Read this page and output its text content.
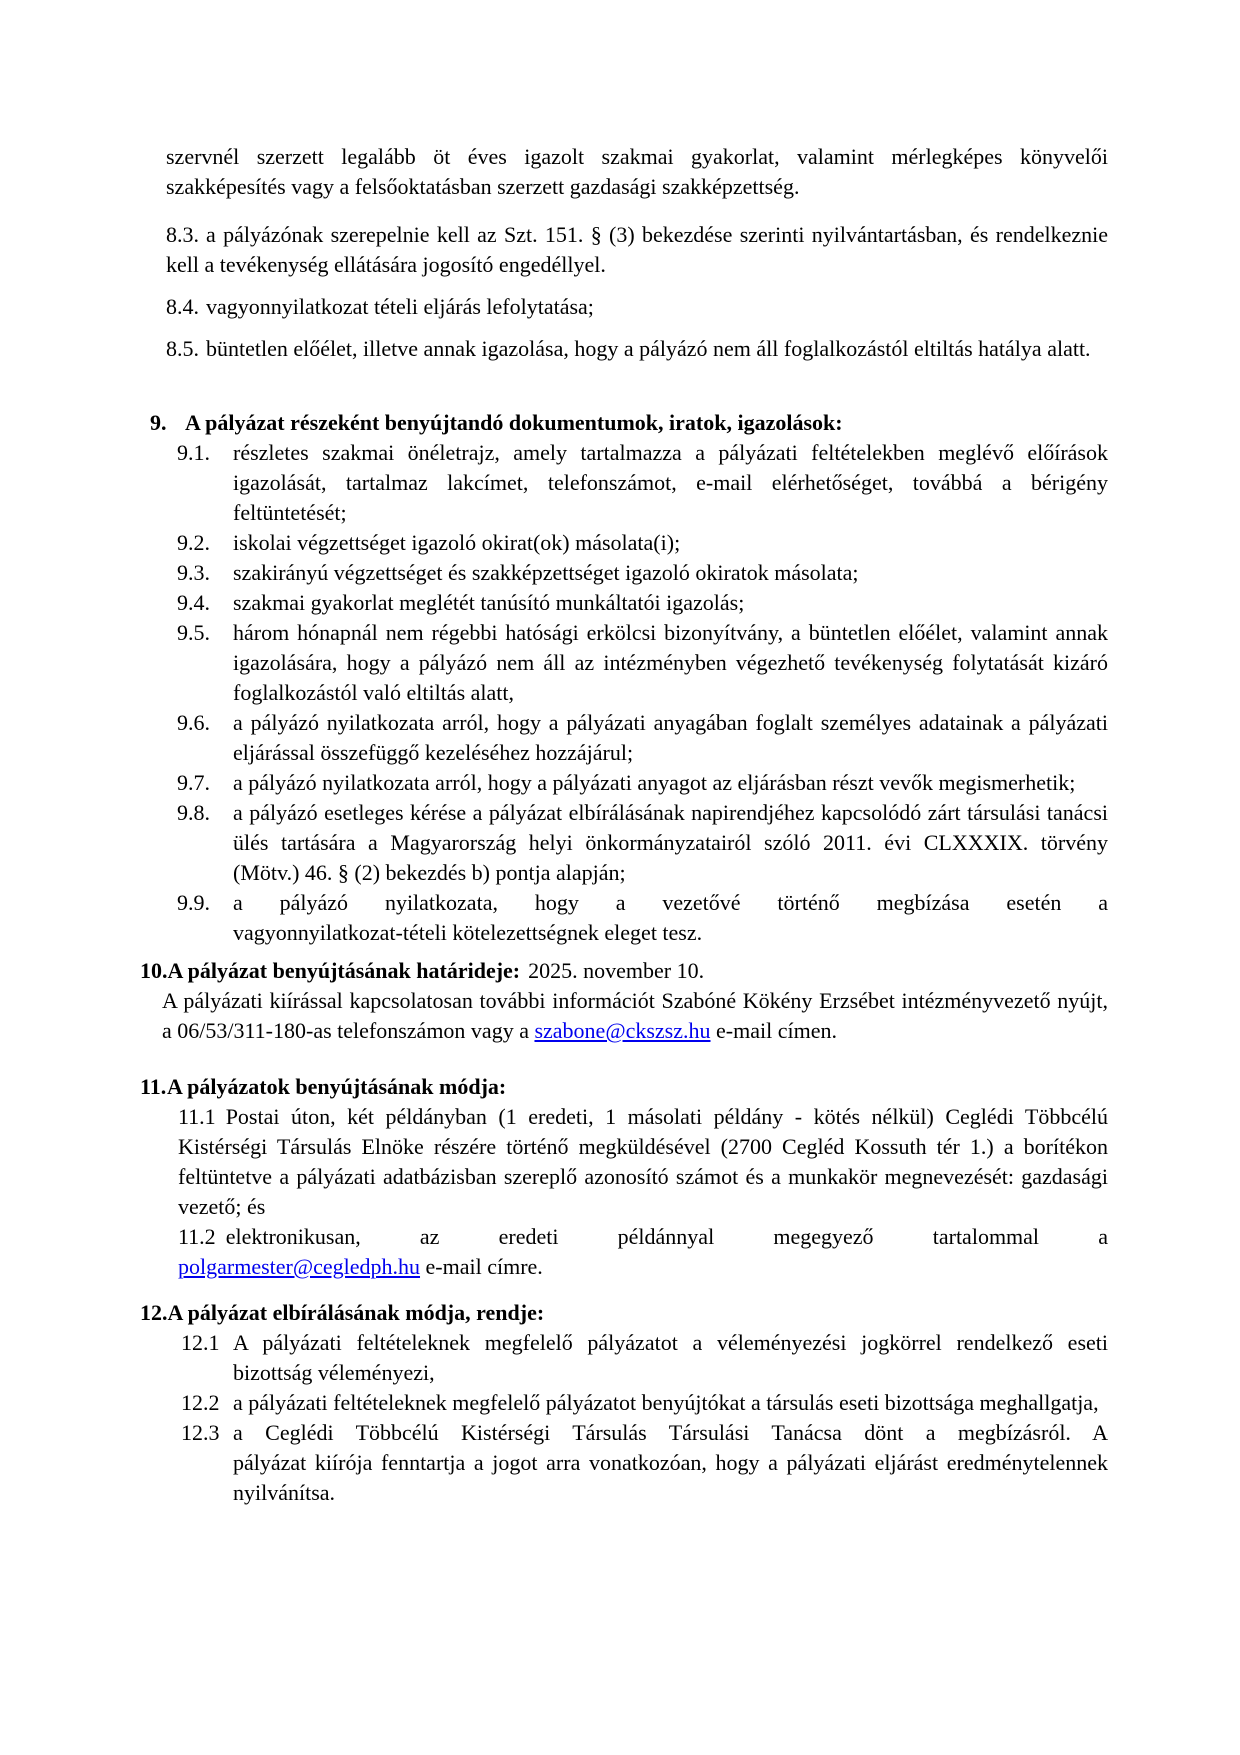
szervnél szerzett legalább öt éves igazolt szakmai gyakorlat, valamint mérlegképes könyvelői szakképesítés vagy a felsőoktatásban szerzett gazdasági szakképzettség.

8.3. a pályázónak szerepelnie kell az Szt. 151. § (3) bekezdése szerinti nyilvántartásban, és rendelkeznie kell a tevékenység ellátására jogosító engedéllyel.

8.4. vagyonnyilatkozat tételi eljárás lefolytatása;

8.5. büntetlen előélet, illetve annak igazolása, hogy a pályázó nem áll foglalkozástól eltiltás hatálya alatt.

9. A pályázat részeként benyújtandó dokumentumok, iratok, igazolások:
9.1.	részletes szakmai önéletrajz, amely tartalmazza a pályázati feltételekben meglévő előírások igazolását, tartalmaz lakcímet, telefonszámot, e-mail elérhetőséget, továbbá a bérigény feltüntetését;
9.2.	iskolai végzettséget igazoló okirat(ok) másolata(i);
9.3.	szakirányú végzettséget és szakképzettséget igazoló okiratok másolata;
9.4.	szakmai gyakorlat meglétét tanúsító munkáltatói igazolás;
9.5.	három hónapnál nem régebbi hatósági erkölcsi bizonyítvány, a büntetlen előélet, valamint annak igazolására, hogy a pályázó nem áll az intézményben végezhető tevékenység folytatását kizáró foglalkozástól való eltiltás alatt,
9.6.	a pályázó nyilatkozata arról, hogy a pályázati anyagában foglalt személyes adatainak a pályázati eljárással összefüggő kezeléséhez hozzájárul;
9.7.	a pályázó nyilatkozata arról, hogy a pályázati anyagot az eljárásban részt vevők megismerhetik;
9.8.	a pályázó esetleges kérése a pályázat elbírálásának napirendjéhez kapcsolódó zárt társulási tanácsi ülés tartására a Magyarország helyi önkormányzatairól szóló 2011. évi CLXXXIX. törvény (Mötv.) 46. § (2) bekezdés b) pontja alapján;
9.9.	a pályázó nyilatkozata, hogy a vezetővé történő megbízása esetén a
vagyonnyilatkozat-tételi kötelezettségnek eleget tesz.
10. A pályázat benyújtásának határideje: 2025. november 10.

A pályázati kiírással kapcsolatosan további információt Szabóné Kökény Erzsébet intézményvezető nyújt, a 06/53/311-180-as telefonszámon vagy a szabone@ckszsz.hu e-mail címen.

11. A pályázatok benyújtásának módja:

11.1 Postai úton, két példányban (1 eredeti, 1 másolati példány - kötés nélkül) Ceglédi Többcélú Kistérségi Társulás Elnöke részére történő megküldésével (2700 Cegléd Kossuth tér 1.) a borítékon feltüntetve a pályázati adatbázisban szereplő azonosító számot és a munkakör megnevezését: gazdasági vezető; és

11.2 elektronikusan, az eredeti példánnyal megegyező tartalommal a
polgarmester@cegledph.hu e-mail címre.

12. A pályázat elbírálásának módja, rendje:
12.1 A pályázati feltételeknek megfelelő pályázatot a véleményezési jogkörrel rendelkező eseti bizottság véleményezi,
12.2 a pályázati feltételeknek megfelelő pályázatot benyújtókat a társulás eseti bizottsága meghallgatja,
12.3 a Ceglédi Többcélú Kistérségi Társulás Társulási Tanácsa dönt a megbízásról. A
pályázat kiírója fenntartja a jogot arra vonatkozóan, hogy a pályázati eljárást eredménytelennek nyilvánítsa.
